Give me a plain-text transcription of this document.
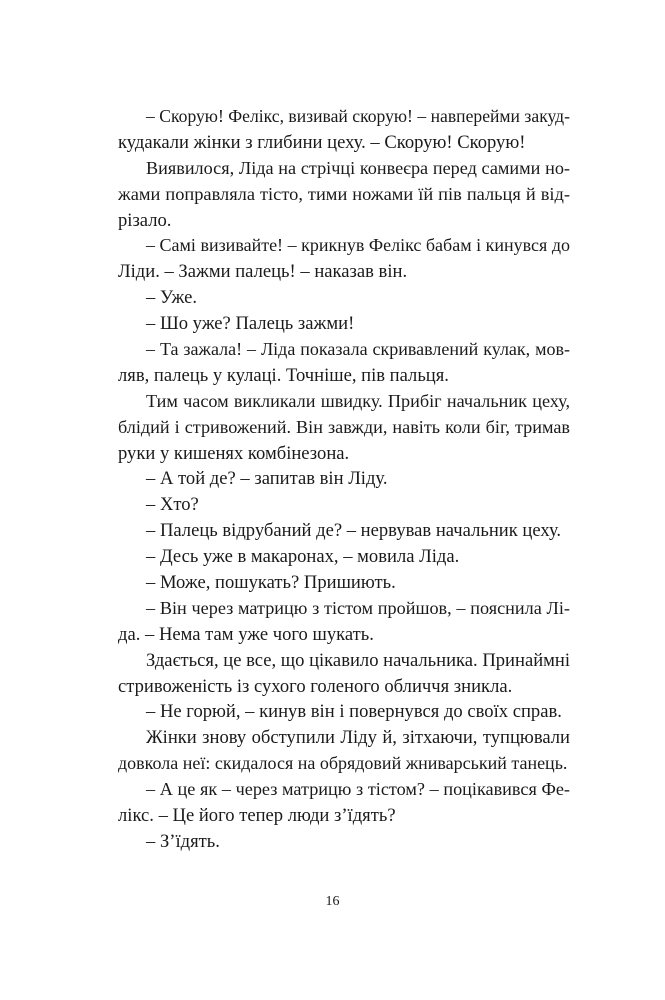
– Скорую! Фелікс, визивай скорую! – навперейми закуд-
кудакали жінки з глибини цеху. – Скорую! Скорую!
Виявилося, Ліда на стрічці конвеєра перед самими но-
жами поправляла тісто, тими ножами їй пів пальця й від-
різало.
– Самі визивайте! – крикнув Фелікс бабам і кинувся до
Ліди. – Зажми палець! – наказав він.
– Уже.
– Шо уже? Палець зажми!
– Та зажала! – Ліда показала скривавлений кулак, мов-
ляв, палець у кулаці. Точніше, пів пальця.
Тим часом викликали швидку. Прибіг начальник цеху,
блідий і стривожений. Він завжди, навіть коли біг, тримав
руки у кишенях комбінезона.
– А той де? – запитав він Ліду.
– Хто?
– Палець відрубаний де? – нервував начальник цеху.
– Десь уже в макаронах, – мовила Ліда.
– Може, пошукать? Пришиють.
– Він через матрицю з тістом пройшов, – пояснила Лі-
да. – Нема там уже чого шукать.
Здається, це все, що цікавило начальника. Принаймні
стривоженість із сухого голеного обличчя зникла.
– Не горюй, – кинув він і повернувся до своїх справ.
Жінки знову обступили Ліду й, зітхаючи, тупцювали
довкола неї: скидалося на обрядовий жниварський танець.
– А це як – через матрицю з тістом? – поцікавився Фе-
лікс. – Це його тепер люди з’їдять?
– З’їдять.
16
